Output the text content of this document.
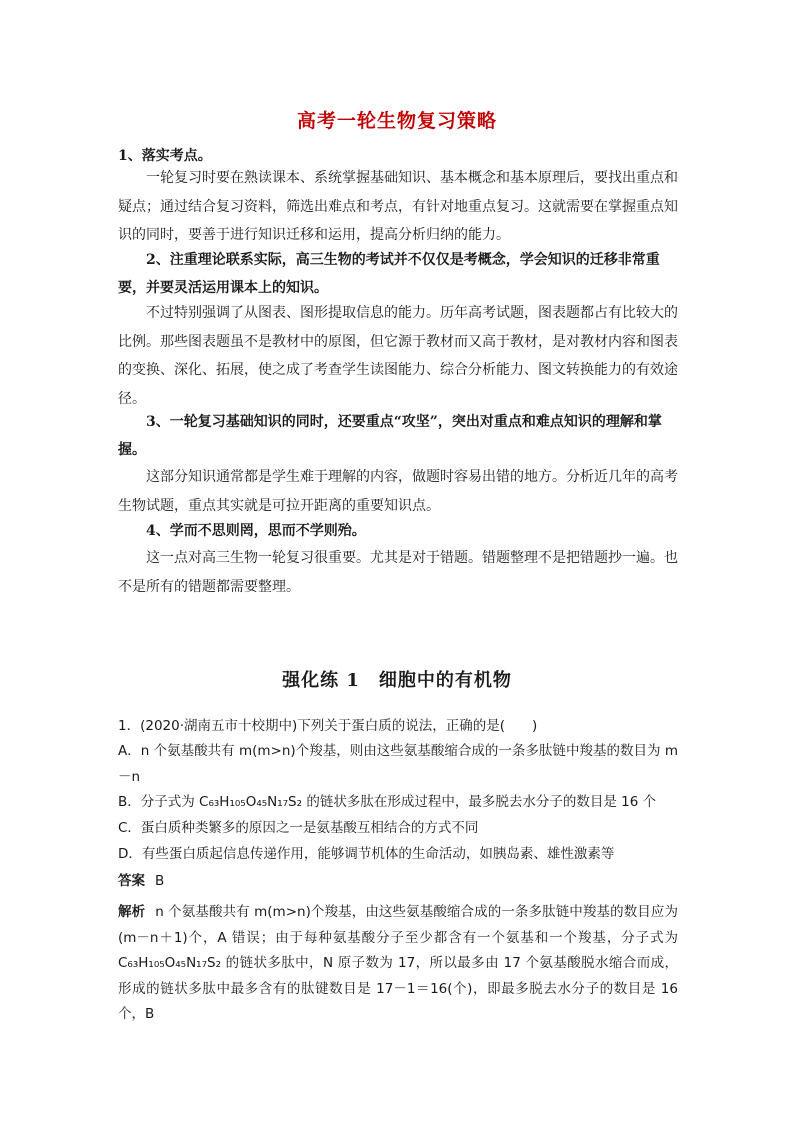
高考一轮生物复习策略
1、落实考点。
一轮复习时要在熟读课本、系统掌握基础知识、基本概念和基本原理后，要找出重点和疑点；通过结合复习资料，筛选出难点和考点，有针对地重点复习。这就需要在掌握重点知识的同时，要善于进行知识迁移和运用，提高分析归纳的能力。
2、注重理论联系实际，高三生物的考试并不仅仅是考概念，学会知识的迁移非常重要，并要灵活运用课本上的知识。
不过特别强调了从图表、图形提取信息的能力。历年高考试题，图表题都占有比较大的比例。那些图表题虽不是教材中的原图，但它源于教材而又高于教材，是对教材内容和图表的变换、深化、拓展，使之成了考查学生读图能力、综合分析能力、图文转换能力的有效途径。
3、一轮复习基础知识的同时，还要重点“攻坚”，突出对重点和难点知识的理解和掌握。
这部分知识通常都是学生难于理解的内容，做题时容易出错的地方。分析近几年的高考生物试题，重点其实就是可拉开距离的重要知识点。
4、学而不思则罔，思而不学则殆。
这一点对高三生物一轮复习很重要。尤其是对于错题。错题整理不是把错题抄一遍。也不是所有的错题都需要整理。
强化练 1　细胞中的有机物
1．(2020·湖南五市十校期中)下列关于蛋白质的说法，正确的是(　　)
A．n 个氨基酸共有 m(m>n)个羧基，则由这些氨基酸缩合成的一条多肽链中羧基的数目为 m－n
B．分子式为 C₆₃H₁₀₅O₄₅N₁₇S₂ 的链状多肽在形成过程中，最多脱去水分子的数目是 16 个
C．蛋白质种类繁多的原因之一是氨基酸互相结合的方式不同
D．有些蛋白质起信息传递作用，能够调节机体的生命活动，如胰岛素、雄性激素等
答案 B
解析 n 个氨基酸共有 m(m>n)个羧基，由这些氨基酸缩合成的一条多肽链中羧基的数目应为(m－n＋1)个，A 错误；由于每种氨基酸分子至少都含有一个氨基和一个羧基，分子式为 C₆₃H₁₀₅O₄₅N₁₇S₂ 的链状多肽中，N 原子数为 17，所以最多由 17 个氨基酸脱水缩合而成，形成的链状多肽中最多含有的肽键数目是 17－1＝16(个)，即最多脱去水分子的数目是 16 个，B
